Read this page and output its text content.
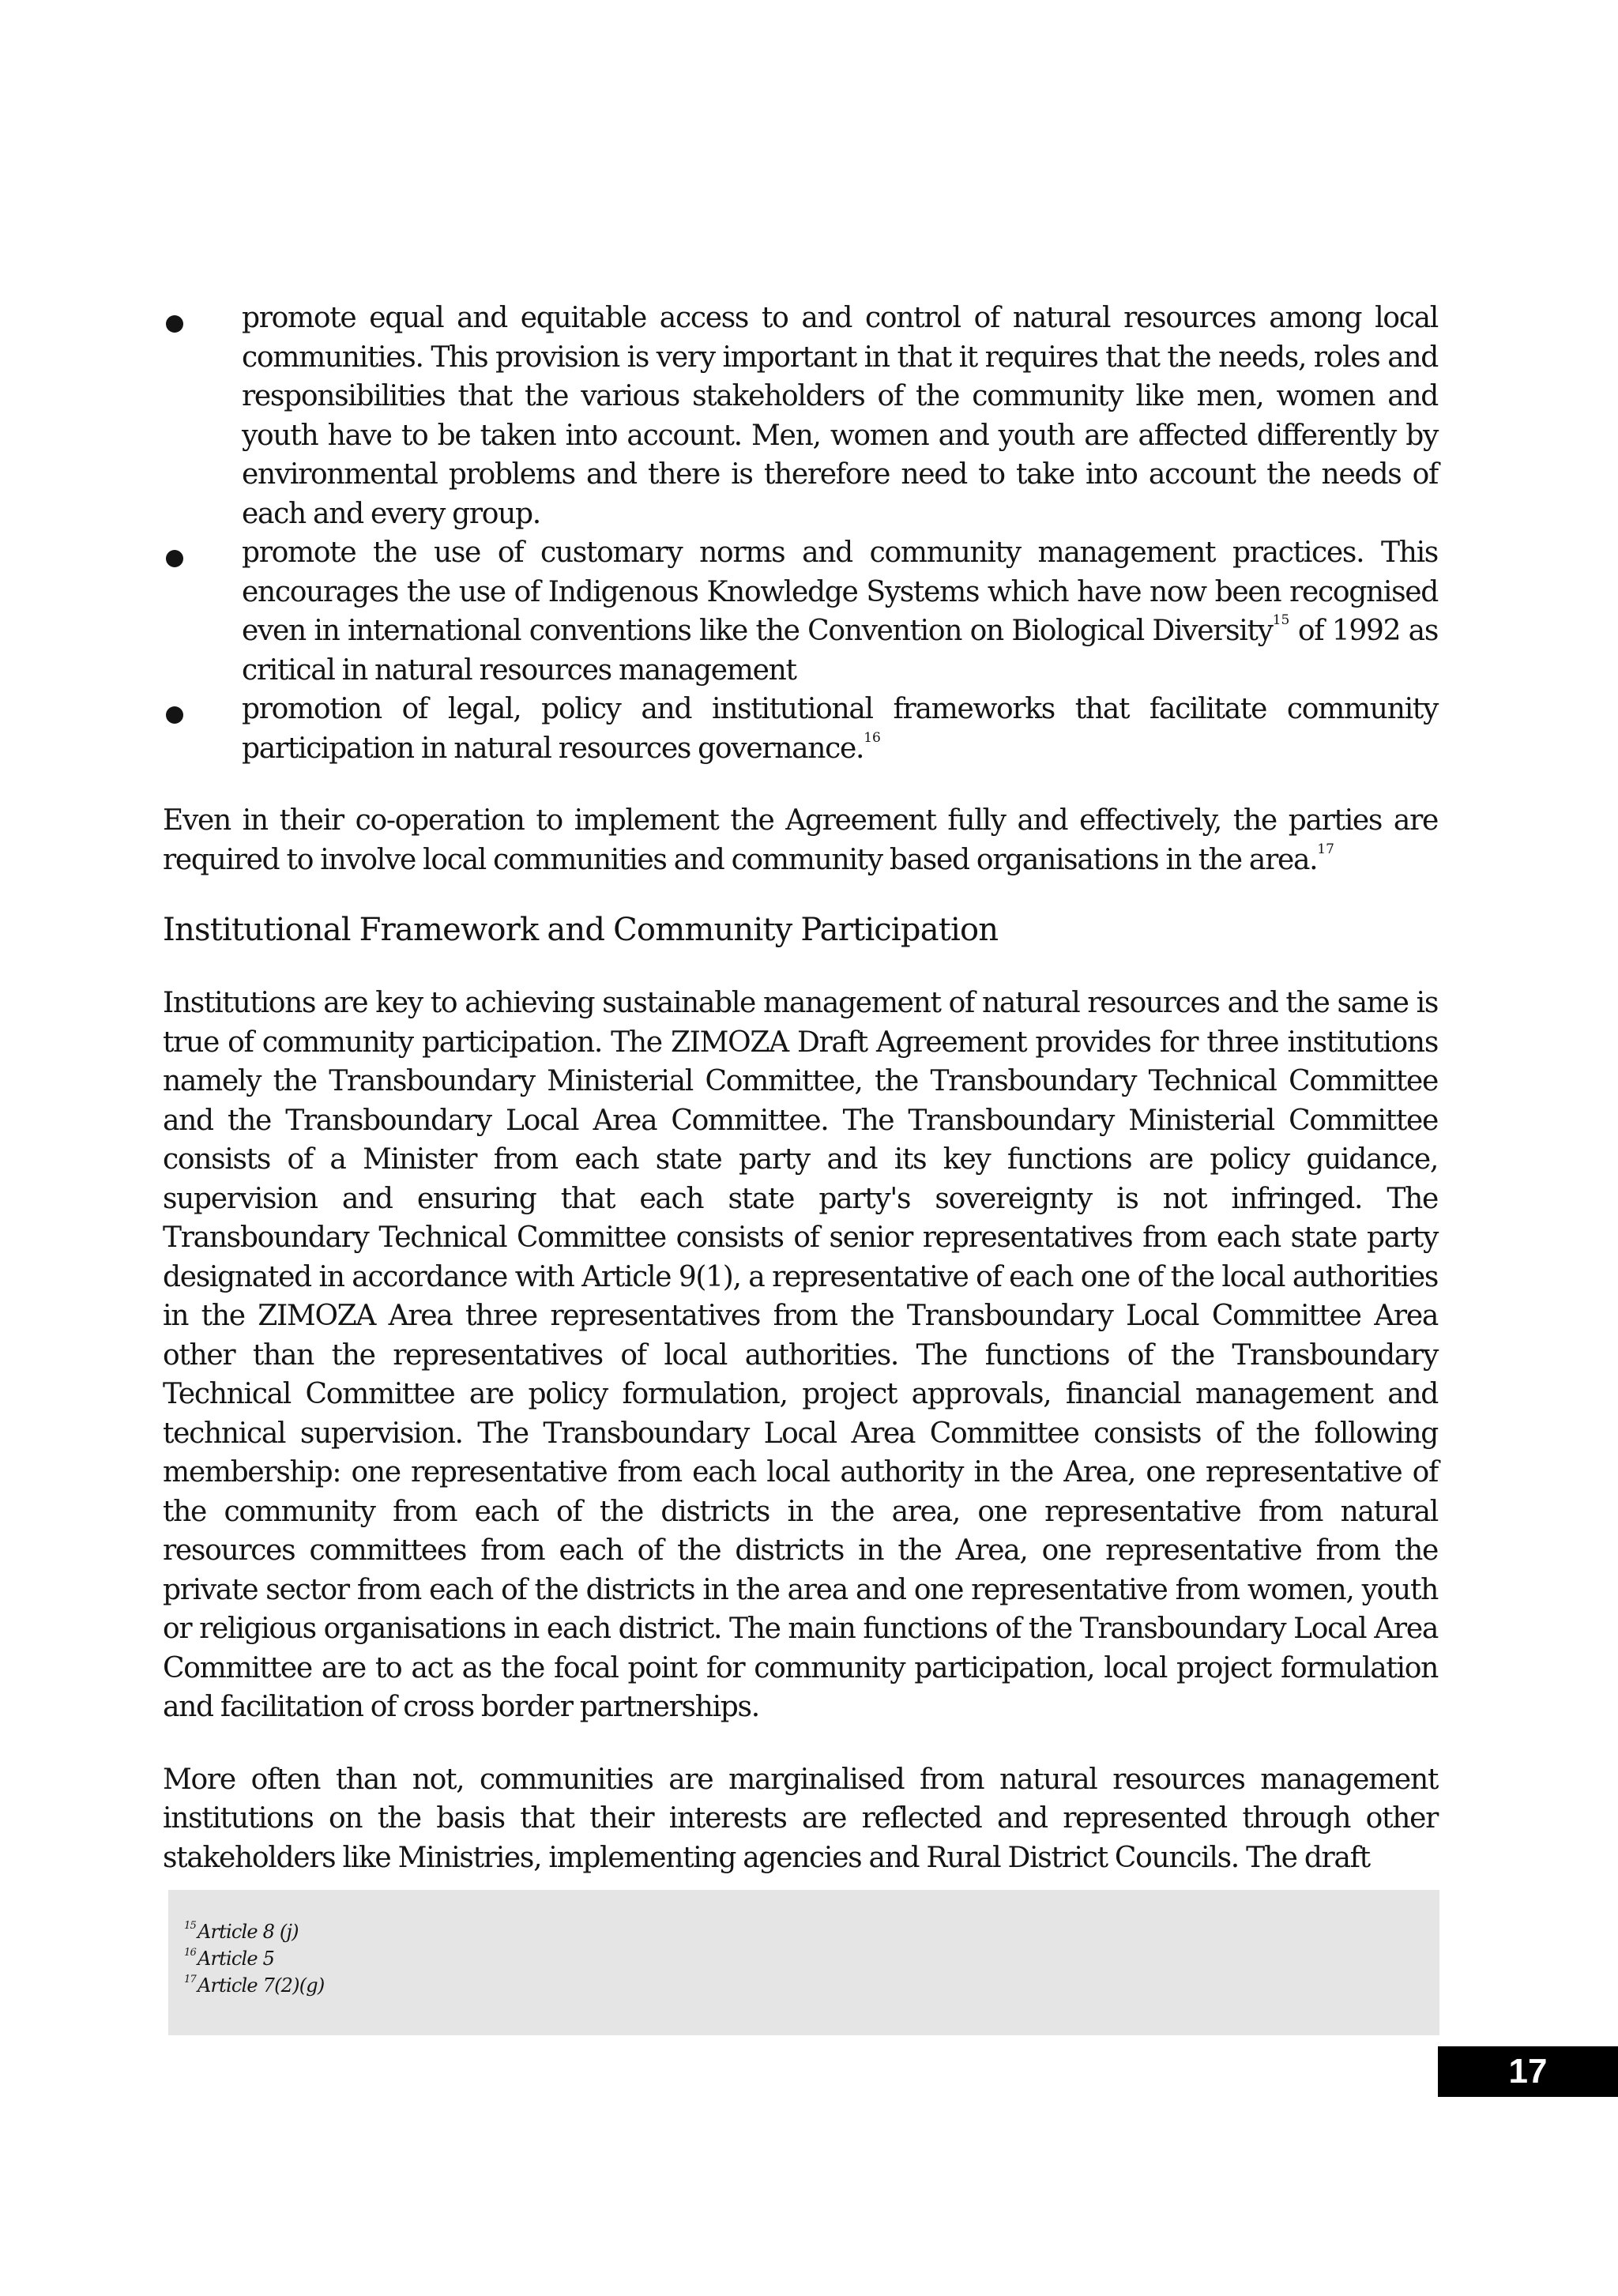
promote equal and equitable access to and control of natural resources among local communities. This provision is very important in that it requires that the needs, roles and responsibilities that the various stakeholders of the community like men, women and youth have to be taken into account. Men, women and youth are affected differently by environmental problems and there is therefore need to take into account the needs of each and every group.
promote the use of customary norms and community management practices. This encourages the use of Indigenous Knowledge Systems which have now been recognised even in international conventions like the Convention on Biological Diversity$^{15}$ of 1992 as critical in natural resources management
promotion of legal, policy and institutional frameworks that facilitate community participation in natural resources governance.$^{16}$

Even in their co-operation to implement the Agreement fully and effectively, the parties are required to involve local communities and community based organisations in the area.$^{17}$

Institutional Framework and Community Participation

Institutions are key to achieving sustainable management of natural resources and the same is true of community participation. The ZIMOZA Draft Agreement provides for three institutions namely the Transboundary Ministerial Committee, the Transboundary Technical Committee and the Transboundary Local Area Committee. The Transboundary Ministerial Committee consists of a Minister from each state party and its key functions are policy guidance, supervision and ensuring that each state party's sovereignty is not infringed. The Transboundary Technical Committee consists of senior representatives from each state party designated in accordance with Article 9(1), a representative of each one of the local authorities in the ZIMOZA Area three representatives from the Transboundary Local Committee Area other than the representatives of local authorities. The functions of the Transboundary Technical Committee are policy formulation, project approvals, financial management and technical supervision. The Transboundary Local Area Committee consists of the following membership: one representative from each local authority in the Area, one representative of the community from each of the districts in the area, one representative from natural resources committees from each of the districts in the Area, one representative from the private sector from each of the districts in the area and one representative from women, youth or religious organisations in each district. The main functions of the Transboundary Local Area Committee are to act as the focal point for community participation, local project formulation and facilitation of cross border partnerships.

More often than not, communities are marginalised from natural resources management institutions on the basis that their interests are reflected and represented through other stakeholders like Ministries, implementing agencies and Rural District Councils. The draft

$^{15}$Article 8 (j)
$^{16}$Article 5
$^{17}$Article 7(2)(g)
17
